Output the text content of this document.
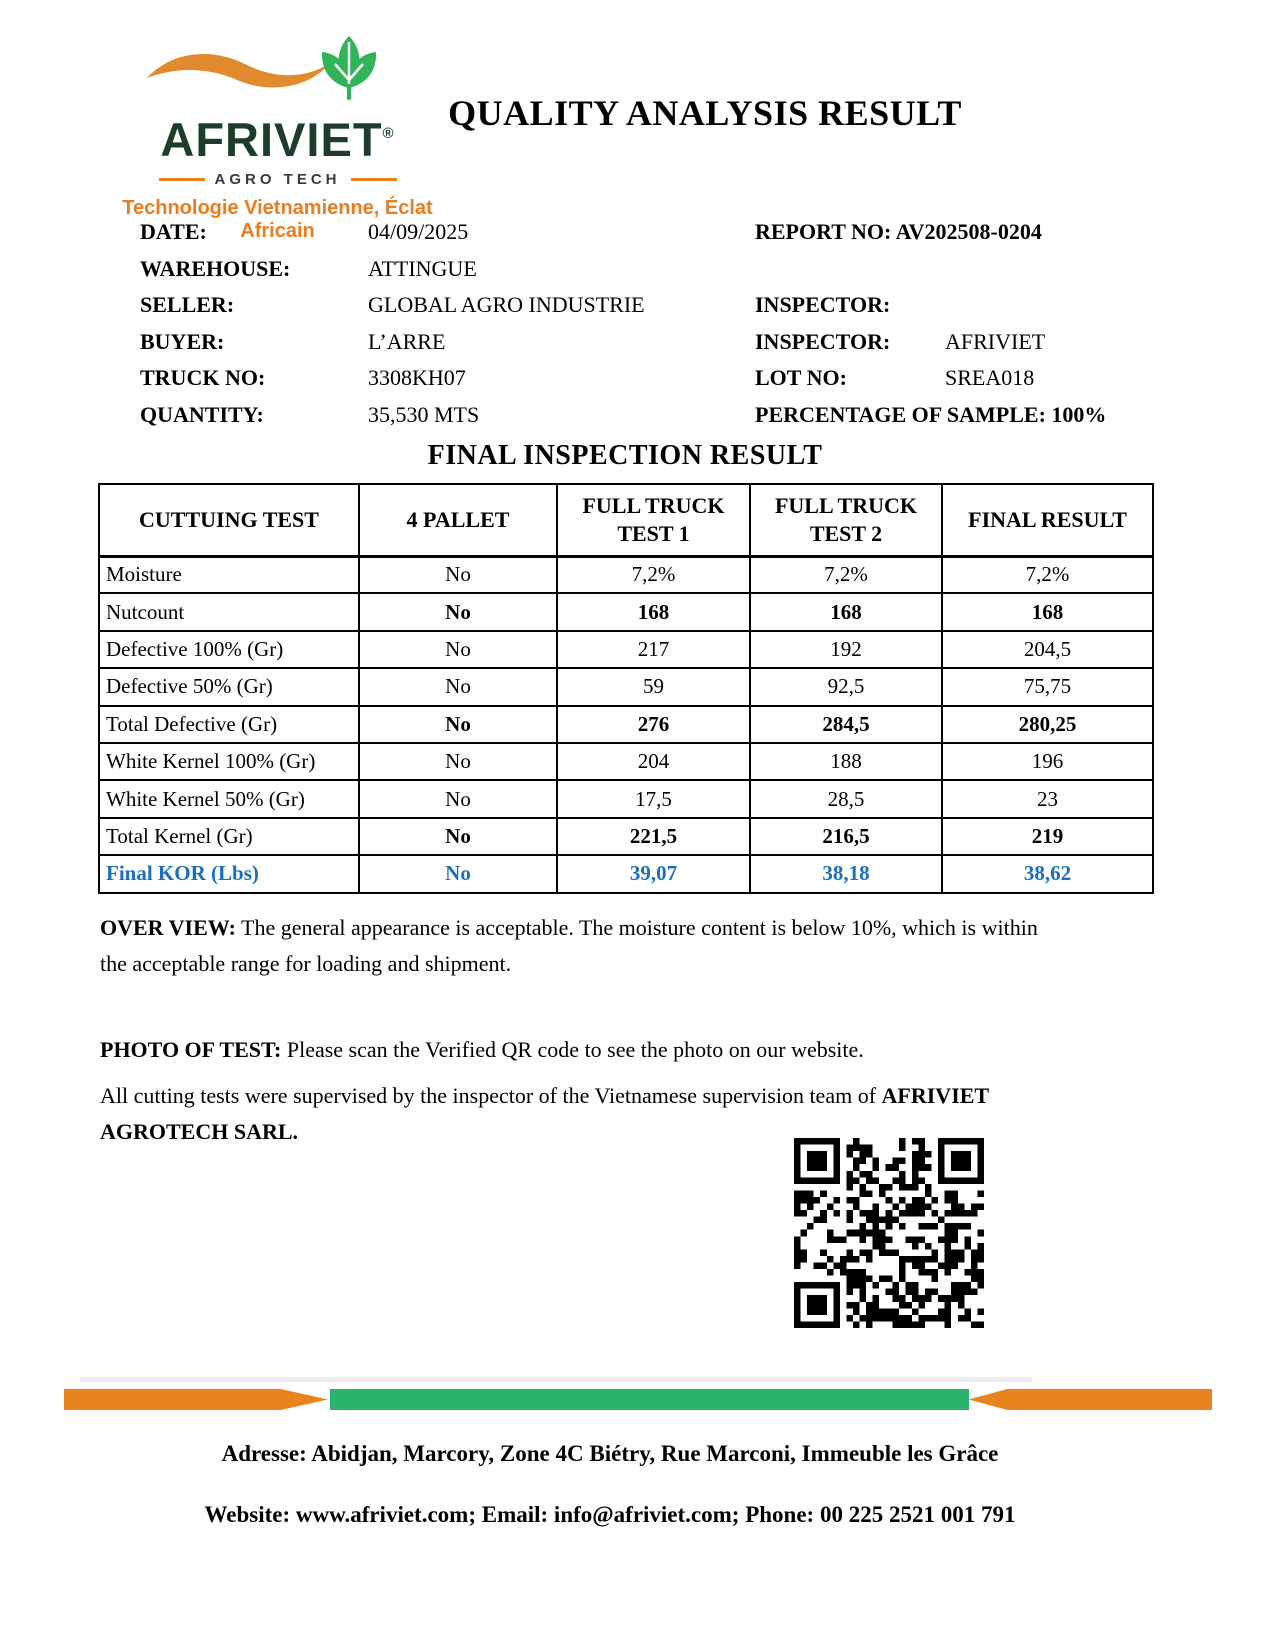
AFRIVIET®
AGRO TECH
Technologie Vietnamienne, Éclat Africain
QUALITY ANALYSIS RESULT
DATE:	04/09/2025
WAREHOUSE:	ATTINGUE
SELLER:	GLOBAL AGRO INDUSTRIE
BUYER:	L’ARRE
TRUCK NO:	3308KH07
QUANTITY:	35,530 MTS
REPORT NO: AV202508-0204
INSPECTOR:
INSPECTOR:	AFRIVIET
LOT NO:	SREA018
PERCENTAGE OF SAMPLE: 100%
FINAL INSPECTION RESULT
CUTTUING TEST	4 PALLET	FULL TRUCK TEST 1	FULL TRUCK TEST 2	FINAL RESULT
Moisture	No	7,2%	7,2%	7,2%
Nutcount	No	168	168	168
Defective 100% (Gr)	No	217	192	204,5
Defective 50% (Gr)	No	59	92,5	75,75
Total Defective (Gr)	No	276	284,5	280,25
White Kernel 100% (Gr)	No	204	188	196
White Kernel 50% (Gr)	No	17,5	28,5	23
Total Kernel (Gr)	No	221,5	216,5	219
Final KOR (Lbs)	No	39,07	38,18	38,62
OVER VIEW: The general appearance is acceptable. The moisture content is below 10%, which is within the acceptable range for loading and shipment.
PHOTO OF TEST: Please scan the Verified QR code to see the photo on our website.
All cutting tests were supervised by the inspector of the Vietnamese supervision team of AFRIVIET AGROTECH SARL.
Adresse: Abidjan, Marcory, Zone 4C Biétry, Rue Marconi, Immeuble les Grâce
Website: www.afriviet.com; Email: info@afriviet.com; Phone: 00 225 2521 001 791
